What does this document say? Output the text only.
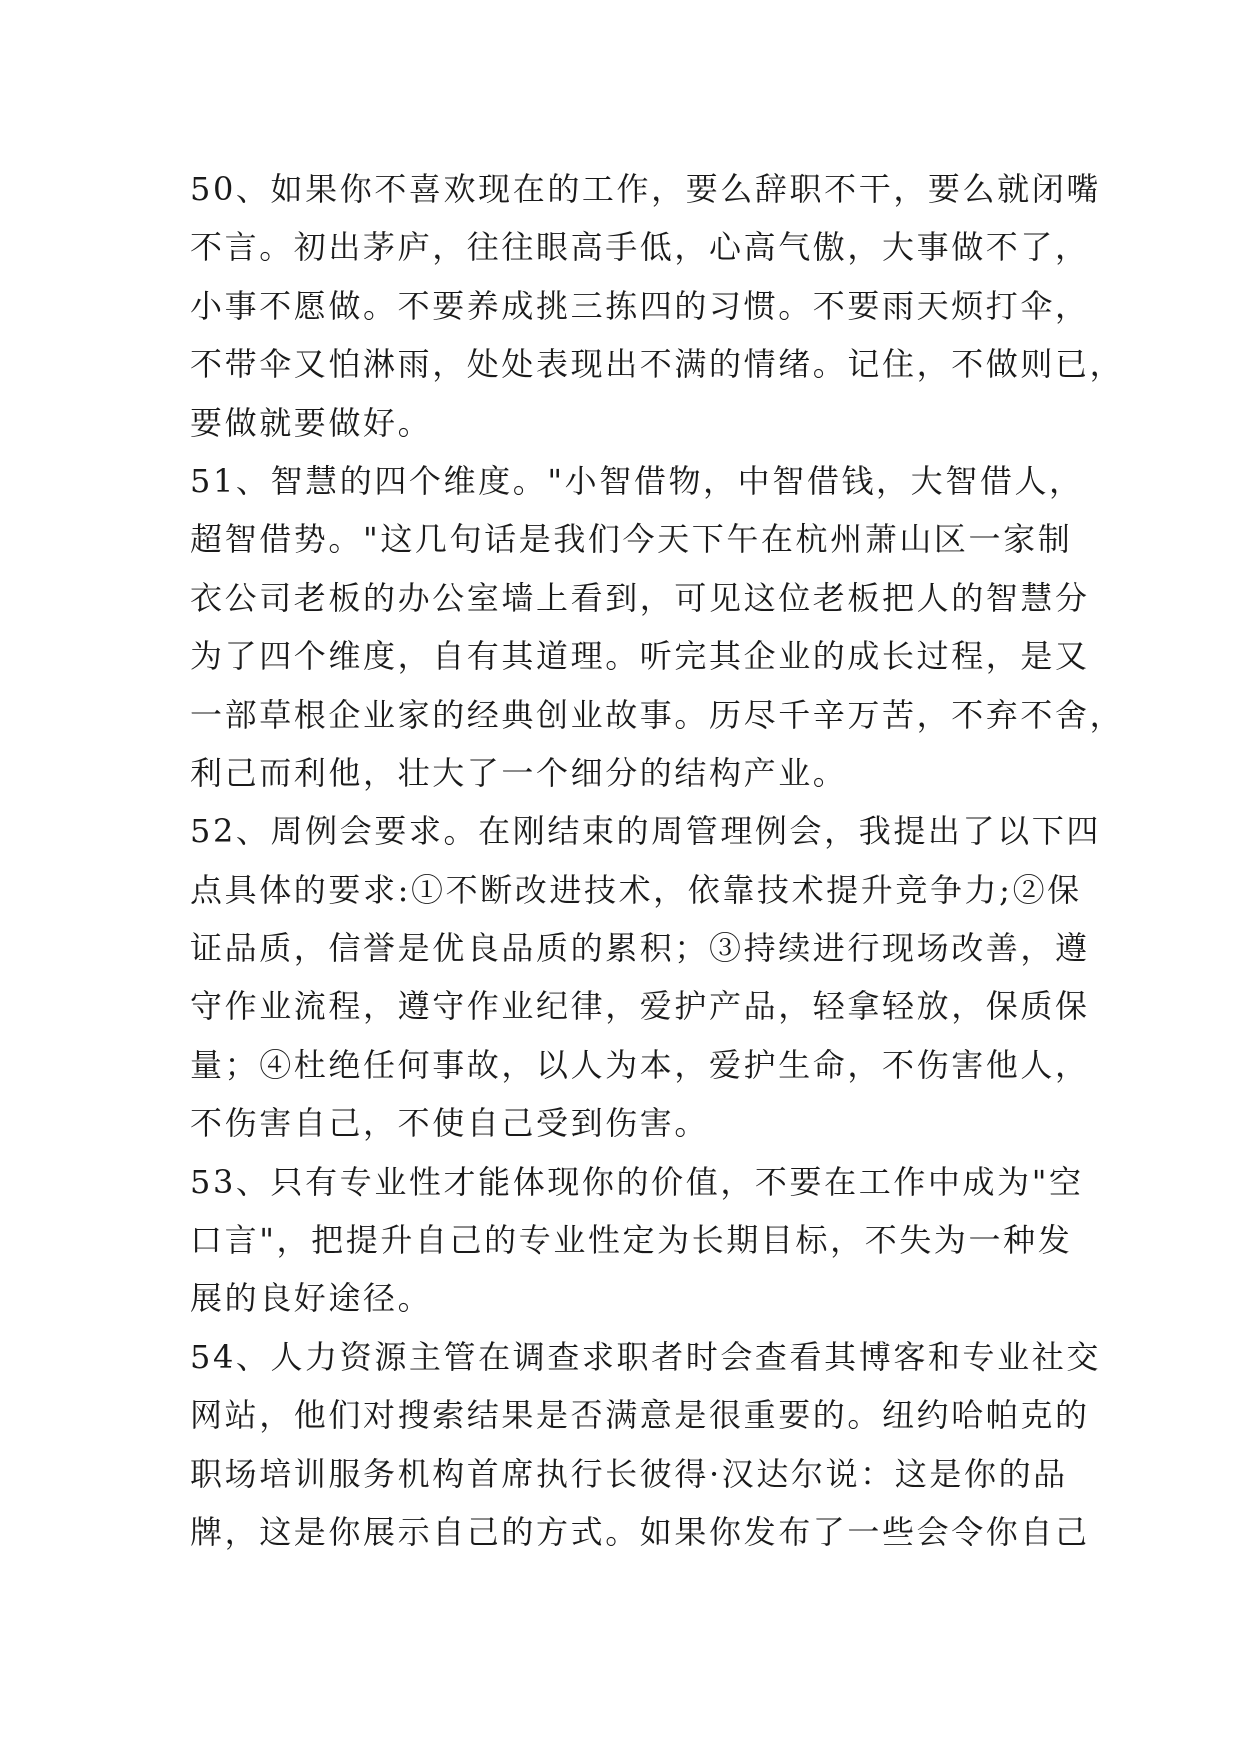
50、如果你不喜欢现在的工作，要么辞职不干，要么就闭嘴
不言。初出茅庐，往往眼高手低，心高气傲，大事做不了，
小事不愿做。不要养成挑三拣四的习惯。不要雨天烦打伞，
不带伞又怕淋雨，处处表现出不满的情绪。记住，不做则已，
要做就要做好。
51、智慧的四个维度。"小智借物，中智借钱，大智借人，
超智借势。"这几句话是我们今天下午在杭州萧山区一家制
衣公司老板的办公室墙上看到，可见这位老板把人的智慧分
为了四个维度，自有其道理。听完其企业的成长过程，是又
一部草根企业家的经典创业故事。历尽千辛万苦，不弃不舍，
利己而利他，壮大了一个细分的结构产业。
52、周例会要求。在刚结束的周管理例会，我提出了以下四
点具体的要求:①不断改进技术，依靠技术提升竞争力;②保
证品质，信誉是优良品质的累积；③持续进行现场改善，遵
守作业流程，遵守作业纪律，爱护产品，轻拿轻放，保质保
量；④杜绝任何事故，以人为本，爱护生命，不伤害他人，
不伤害自己，不使自己受到伤害。
53、只有专业性才能体现你的价值，不要在工作中成为"空
口言"，把提升自己的专业性定为长期目标，不失为一种发
展的良好途径。
54、人力资源主管在调查求职者时会查看其博客和专业社交
网站，他们对搜索结果是否满意是很重要的。纽约哈帕克的
职场培训服务机构首席执行长彼得·汉达尔说：这是你的品
牌，这是你展示自己的方式。如果你发布了一些会令你自己
